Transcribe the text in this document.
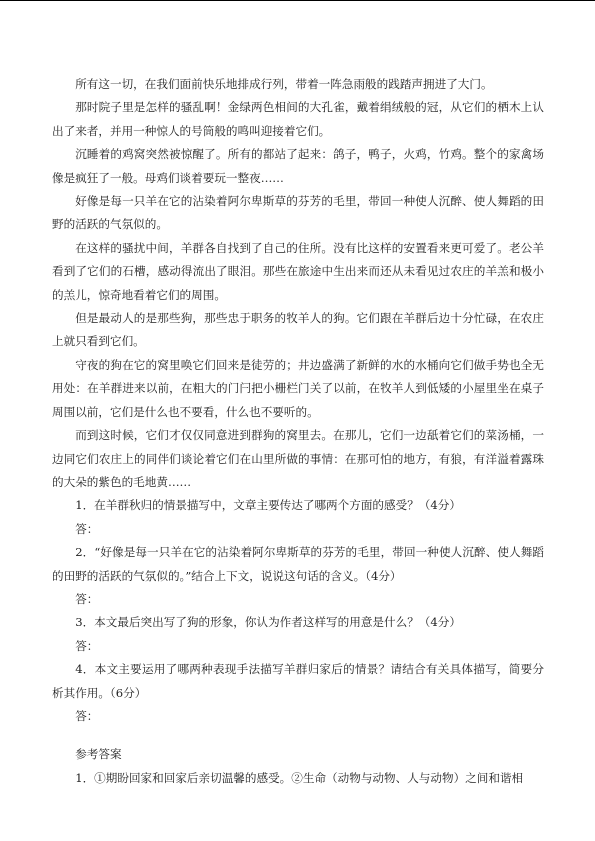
所有这一切，在我们面前快乐地排成行列，带着一阵急雨般的践踏声拥进了大门。

那时院子里是怎样的骚乱啊！金绿两色相间的大孔雀，戴着绢绒般的冠，从它们的栖木上认出了来者，并用一种惊人的号筒般的鸣叫迎接着它们。

沉睡着的鸡窝突然被惊醒了。所有的都站了起来：鸽子，鸭子，火鸡，竹鸡。整个的家禽场像是疯狂了一般。母鸡们谈着要玩一整夜……

好像是每一只羊在它的沾染着阿尔卑斯草的芬芳的毛里，带回一种使人沉醉、使人舞蹈的田野的活跃的气氛似的。

在这样的骚扰中间，羊群各自找到了自己的住所。没有比这样的安置看来更可爱了。老公羊看到了它们的石槽，感动得流出了眼泪。那些在旅途中生出来而还从未看见过农庄的羊羔和极小的羔儿，惊奇地看着它们的周围。

但是最动人的是那些狗，那些忠于职务的牧羊人的狗。它们跟在羊群后边十分忙碌，在农庄上就只看到它们。

守夜的狗在它的窝里唤它们回来是徒劳的；井边盛满了新鲜的水的水桶向它们做手势也全无用处：在羊群进来以前，在粗大的门闩把小栅栏门关了以前，在牧羊人到低矮的小屋里坐在桌子周围以前，它们是什么也不要看，什么也不要听的。

而到这时候，它们才仅仅同意进到群狗的窝里去。在那儿，它们一边舐着它们的菜汤桶，一边同它们农庄上的同伴们谈论着它们在山里所做的事情：在那可怕的地方，有狼，有洋溢着露珠的大朵的紫色的毛地黄……

1．在羊群秋归的情景描写中，文章主要传达了哪两个方面的感受？（4分）

答：

2．“好像是每一只羊在它的沾染着阿尔卑斯草的芬芳的毛里，带回一种使人沉醉、使人舞蹈的田野的活跃的气氛似的。”结合上下文，说说这句话的含义。（4分）

答：

3．本文最后突出写了狗的形象，你认为作者这样写的用意是什么？（4分）

答：

4．本文主要运用了哪两种表现手法描写羊群归家后的情景？请结合有关具体描写，简要分析其作用。（6分）

答：

参考答案

1．①期盼回家和回家后亲切温馨的感受。②生命（动物与动物、人与动物）之间和谐相
